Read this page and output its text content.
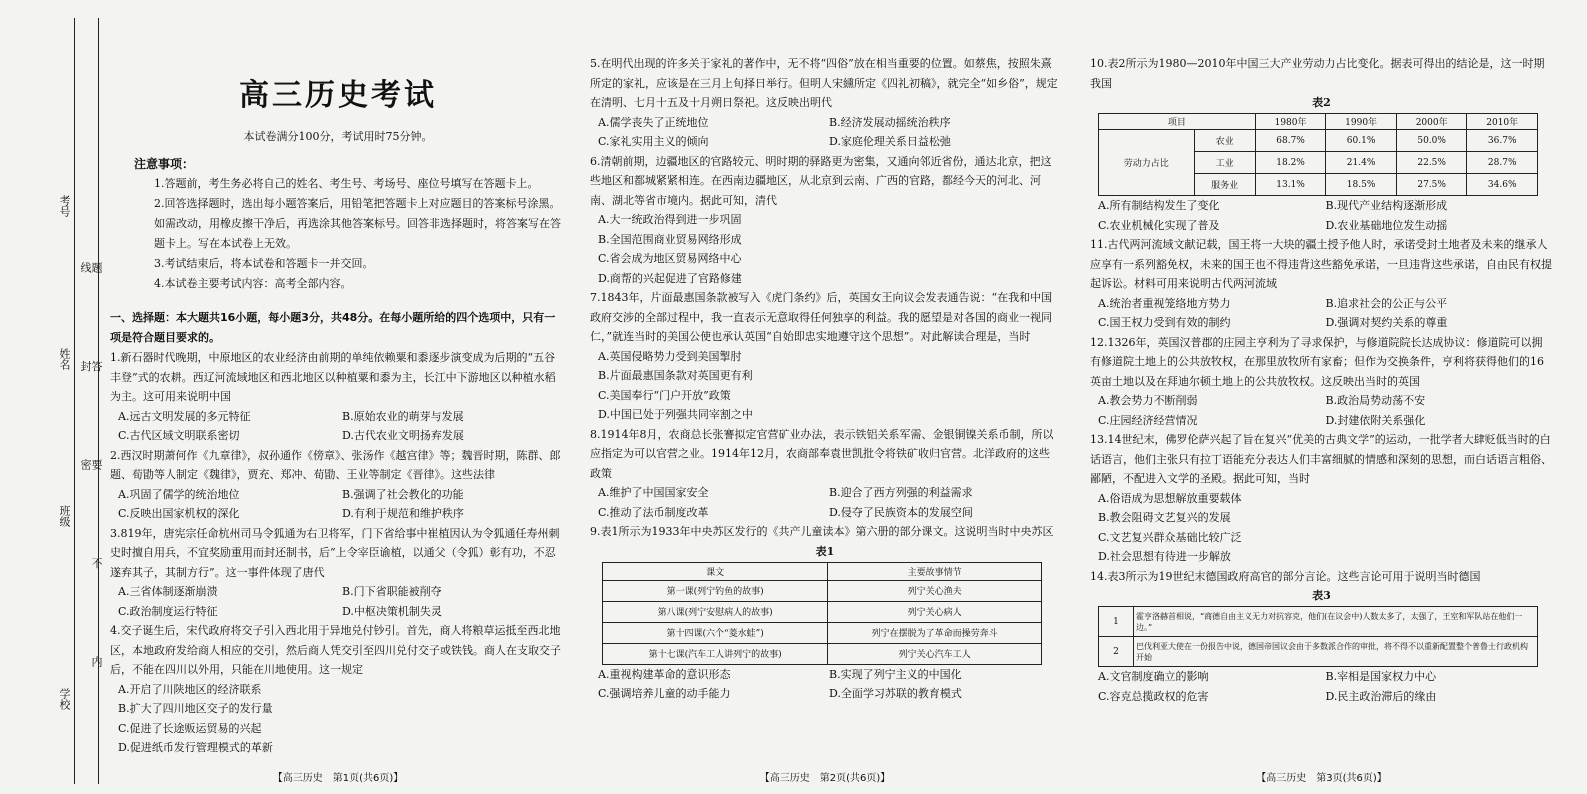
考号
姓名
班级
学校	题 答 要 不 内 线 封 密
高三历史考试
本试卷满分100分，考试用时75分钟。
注意事项：

1.答题前，考生务必将自己的姓名、考生号、考场号、座位号填写在答题卡上。

2.回答选择题时，选出每小题答案后，用铅笔把答题卡上对应题目的答案标号涂黑。如需改动，用橡皮擦干净后，再选涂其他答案标号。回答非选择题时，将答案写在答题卡上。写在本试卷上无效。

3.考试结束后，将本试卷和答题卡一并交回。

4.本试卷主要考试内容：高考全部内容。

一、选择题：本大题共16小题，每小题3分，共48分。在每小题所给的四个选项中，只有一项是符合题目要求的。

1.新石器时代晚期，中原地区的农业经济由前期的单纯依赖粟和黍逐步演变成为后期的“五谷丰登”式的农耕。西辽河流域地区和西北地区以种植粟和黍为主，长江中下游地区以种植水稻为主。这可用来说明中国

A.远古文明发展的多元特征	B.原始农业的萌芽与发展
C.古代区域文明联系密切	D.古代农业文明扬弃发展

2.西汉时期萧何作《九章律》，叔孙通作《傍章》、张汤作《越宫律》等；魏晋时期，陈群、郎题、荀勖等人制定《魏律》，贾充、郑冲、荀勖、王业等制定《晋律》。这些法律

A.巩固了儒学的统治地位	B.强调了社会教化的功能
C.反映出国家机权的深化	D.有利于规范和维护秩序

3.819年，唐宪宗任命杭州司马令狐通为右卫将军，门下省给事中崔植因认为令狐通任寿州刺史时擅自用兵，不宜奖励重用而封还制书，后“上令宰臣谕植，以通父（令狐）彰有功，不忍遂弃其子，其制方行”。这一事件体现了唐代

A.三省体制逐渐崩溃	B.门下省职能被削夺
C.政治制度运行特征	D.中枢决策机制失灵

4.交子诞生后，宋代政府将交子引入西北用于异地兑付钞引。首先，商人将粮草运抵至西北地区，本地政府发给商人相应的交引，然后商人凭交引至四川兑付交子或铁钱。商人在支取交子后，不能在四川以外用，只能在川地使用。这一规定

A.开启了川陕地区的经济联系
B.扩大了四川地区交子的发行量
C.促进了长途贩运贸易的兴起
D.促进纸币发行管理模式的革新
【高三历史　第1页(共6页)】

5.在明代出现的许多关于家礼的著作中，无不将“四俗”放在相当重要的位置。如蔡焦，按照朱熹所定的家礼，应该是在三月上旬择日举行。但明人宋纁所定《四礼初稿》，就完全“如乡俗”，规定在清明、七月十五及十月朔日祭祀。这反映出明代

A.儒学丧失了正统地位	B.经济发展动摇统治秩序
C.家礼实用主义的倾向	D.家庭伦理关系日益松弛

6.清朝前期，边疆地区的官路较元、明时期的驿路更为密集，又通向邻近省份，通达北京，把这些地区和都城紧紧相连。在西南边疆地区，从北京到云南、广西的官路，都经今天的河北、河南、湖北等省市境内。据此可知，清代

A.大一统政治得到进一步巩固
B.全国范围商业贸易网络形成
C.省会成为地区贸易网络中心
D.商帮的兴起促进了官路修建

7.1843年，片面最惠国条款被写入《虎门条约》后，英国女王向议会发表通告说：“在我和中国政府交涉的全部过程中，我一直表示无意取得任何独享的利益。我的愿望是对各国的商业一视同仁，”就连当时的美国公使也承认英国“自始即忠实地遵守这个思想”。对此解读合理是，当时

A.英国侵略势力受到美国掣肘
B.片面最惠国条款对英国更有利
C.美国奉行“门户开放”政策
D.中国已处于列强共同宰割之中

8.1914年8月，农商总长张謇拟定官营矿业办法，表示铁铝关系军需、金银铜镍关系币制，所以应指定为可以官营之业。1914年12月，农商部奉袁世凯批令将铁矿收归官营。北洋政府的这些政策

A.维护了中国国家安全	B.迎合了西方列强的利益需求
C.推动了法币制度改革	D.侵夺了民族资本的发展空间

9.表1所示为1933年中央苏区发行的《共产儿童读本》第六册的部分课文。这说明当时中央苏区

表1
课文	主要故事情节
第一课(列宁钓鱼的故事)	列宁关心渔夫
第八课(列宁安慰病人的故事)	列宁关心病人
第十四课(六个“菱水蛙”)	列宁在摆脱为了革命而操劳奔斗
第十七课(汽车工人讲列宁的故事)	列宁关心汽车工人
A.重视构建革命的意识形态	B.实现了列宁主义的中国化
C.强调培养儿童的动手能力	D.全面学习苏联的教育模式
【高三历史　第2页(共6页)】

10.表2所示为1980—2010年中国三大产业劳动力占比变化。据表可得出的结论是，这一时期我国

表2
项目		1980年	1990年	2000年	2010年
劳动力占比	农业	68.7%	60.1%	50.0%	36.7%
	工业	18.2%	21.4%	22.5%	28.7%
	服务业	13.1%	18.5%	27.5%	34.6%
A.所有制结构发生了变化	B.现代产业结构逐渐形成
C.农业机械化实现了普及	D.农业基础地位发生动摇

11.古代两河流域文献记载，国王将一大块的疆土授予他人时，承诺受封土地者及未来的继承人应享有一系列豁免权，未来的国王也不得违背这些豁免承诺，一旦违背这些承诺，自由民有权提起诉讼。材料可用来说明古代两河流域

A.统治者重视笼络地方势力	B.追求社会的公正与公平
C.国王权力受到有效的制约	D.强调对契约关系的尊重

12.1326年，英国汉普郡的庄园主亨利为了寻求保护，与修道院院长达成协议：修道院可以拥有修道院土地上的公共放牧权，在那里放牧所有家畜；但作为交换条件，亨利将获得他们的16英亩土地以及在拜迪尔顿土地上的公共放牧权。这反映出当时的英国

A.教会势力不断削弱	B.政治局势动荡不安
C.庄园经济经营情况	D.封建依附关系强化

13.14世纪末，佛罗伦萨兴起了旨在复兴“优美的古典文学”的运动，一批学者大肆贬低当时的白话语言，他们主张只有拉丁语能充分表达人们丰富细腻的情感和深刻的思想，而白话语言粗俗、鄙陋，不配进入文学的圣殿。据此可知，当时

A.俗语成为思想解放重要载体
B.教会阻碍文艺复兴的发展
C.文艺复兴群众基础比较广泛
D.社会思想有待进一步解放

14.表3所示为19世纪末德国政府高官的部分言论。这些言论可用于说明当时德国

表3
1	霍亨洛赫首相说，“商德自由主义无力对抗容克，他们(在议会中)人数太多了，太强了，王室和军队站在他们一边。”
2	巴伐利亚大使在一份报告中说，德国帝国议会由于多数派合作的审批，将不得不以重新配置整个普鲁士行政机构开始
A.文官制度确立的影响	B.宰相是国家权力中心
C.容克总揽政权的危害	D.民主政治滞后的缘由
【高三历史　第3页(共6页)】
